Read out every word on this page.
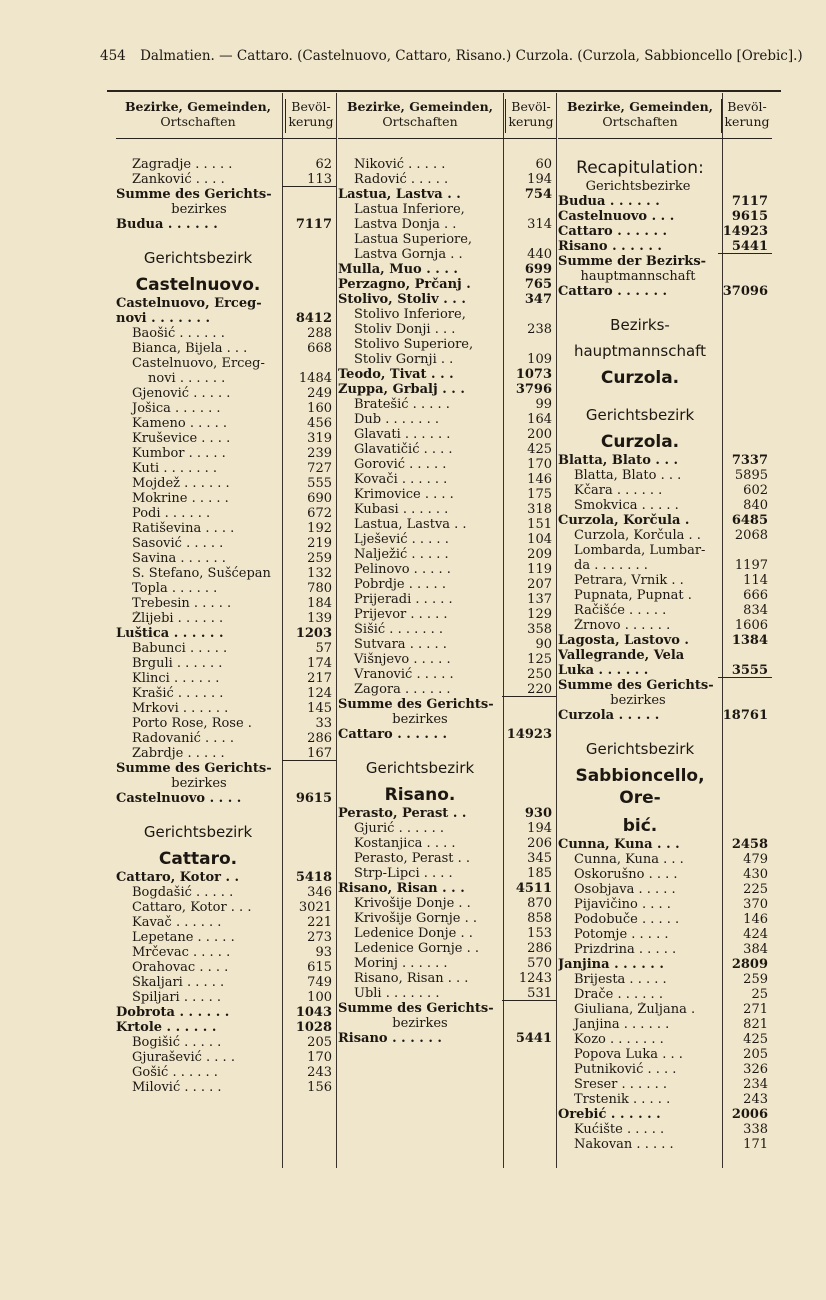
454 Dalmatien. — Cattaro. (Castelnuovo, Cattaro, Risano.) Curzola. (Curzola, Sabbioncello [Orebic].)
Bezirke, Gemeinden,
Ortschaften
Bevöl-
kerung
Zagradje . . . . .	62
Zanković . . . .	113
Summe des Gerichts-
bezirkes
Budua . . . . . .	7117
Gerichtsbezirk
Castelnuovo.
Castelnuovo, Erceg-
novi . . . . . . .	8412
Baošić . . . . . .	288
Bianca, Bijela . . .	668
Castelnuovo, Erceg-
novi . . . . . .	1484
Gjenović . . . . .	249
Jošica . . . . . .	160
Kameno . . . . .	456
Kruševice . . . .	319
Kumbor . . . . .	239
Kuti . . . . . . .	727
Mojdež . . . . . .	555
Mokrine . . . . .	690
Podi . . . . . .	672
Ratiševina . . . .	192
Sasović . . . . .	219
Savina . . . . . .	259
S. Stefano, Sušćepan	132
Topla . . . . . .	780
Trebesin . . . . .	184
Žlijebi . . . . . .	139
Luštica . . . . . .	1203
Babunci . . . . .	57
Brguli . . . . . .	174
Klinci . . . . . .	217
Krašić . . . . . .	124
Mrkovi . . . . . .	145
Porto Rose, Rose .	33
Radovanić . . . .	286
Zabrdje . . . . .	167
Summe des Gerichts-
bezirkes
Castelnuovo . . . .	9615
Gerichtsbezirk
Cattaro.
Cattaro, Kotor . .	5418
Bogdašić . . . . .	346
Cattaro, Kotor . . .	3021
Kavač . . . . . .	221
Lepetane . . . . .	273
Mrčevac . . . . .	93
Orahovac . . . .	615
Škaljari . . . . .	749
Špiljari . . . . .	100
Dobrota . . . . . .	1043
Krtole . . . . . .	1028
Bogišić . . . . .	205
Gjurašević . . . .	170
Gošić . . . . . .	243
Milović . . . . .	156
Bezirke, Gemeinden,
Ortschaften
Bevöl-
kerung
Niković . . . . .	60
Radović . . . . .	194
Lastua, Lastva . .	754
Lastua Inferiore,
Lastva Donja . .	314
Lastua Superiore,
Lastva Gornja . .	440
Mulla, Muo . . . .	699
Perzagno, Prčanj .	765
Stolivo, Stoliv . . .	347
Stolivo Inferiore,
Stoliv Donji . . .	238
Stolivo Superiore,
Stoliv Gornji . .	109
Teodo, Tivat . . .	1073
Zuppa, Grbalj . . .	3796
Bratešić . . . . .	99
Dub . . . . . . .	164
Glavati . . . . . .	200
Glavatičić . . . .	425
Gorović . . . . .	170
Kovači . . . . . .	146
Krimovice . . . .	175
Kubasi . . . . . .	318
Lastua, Lastva . .	151
Lješević . . . . .	104
Nalježić . . . . .	209
Pelinovo . . . . .	119
Pobrdje . . . . .	207
Prijeradi . . . . .	137
Prijevor . . . . .	129
Šišić . . . . . . .	358
Sutvara . . . . .	90
Višnjevo . . . . .	125
Vranović . . . . .	250
Zagora . . . . . .	220
Summe des Gerichts-
bezirkes
Cattaro . . . . . .	14923
Gerichtsbezirk
Risano.
Perasto, Perast . .	930
Gjurić . . . . . .	194
Kostanjica . . . .	206
Perasto, Perast . .	345
Strp-Lipci . . . .	185
Risano, Risan . . .	4511
Krivošije Donje . .	870
Krivošije Gornje . .	858
Ledenice Donje . .	153
Ledenice Gornje . .	286
Morinj . . . . . .	570
Risano, Risan . . .	1243
Ubli . . . . . . .	531
Summe des Gerichts-
bezirkes
Risano . . . . . .	5441
Bezirke, Gemeinden,
Ortschaften
Bevöl-
kerung
Recapitulation:
Gerichtsbezirke
Budua . . . . . .	7117
Castelnuovo . . .	9615
Cattaro . . . . . .	14923
Risano . . . . . .	5441
Summe der Bezirks-
hauptmannschaft
Cattaro . . . . . .	37096
Bezirks-
hauptmannschaft
Curzola.
Gerichtsbezirk
Curzola.
Blatta, Blato . . .	7337
Blatta, Blato . . .	5895
Kčara . . . . . .	602
Smokvica . . . . .	840
Curzola, Korčula .	6485
Curzola, Korčula . .	2068
Lombarda, Lumbar-
da . . . . . . .	1197
Petrara, Vrnik . .	114
Pupnata, Pupnat .	666
Račišće . . . . .	834
Žrnovo . . . . . .	1606
Lagosta, Lastovo .	1384
Vallegrande, Vela
Luka . . . . . .	3555
Summe des Gerichts-
bezirkes
Curzola . . . . .	18761
Gerichtsbezirk
Sabbioncello, Ore-
bić.
Cunna, Kuna . . .	2458
Cunna, Kuna . . .	479
Oskorušno . . . .	430
Osobjava . . . . .	225
Pijavičino . . . .	370
Podobuče . . . . .	146
Potomje . . . . .	424
Prizdrina . . . . .	384
Janjina . . . . . .	2809
Brijesta . . . . .	259
Drače . . . . . .	25
Giuliana, Žuljana .	271
Janjina . . . . . .	821
Kozo . . . . . . .	425
Popova Luka . . .	205
Putniković . . . .	326
Sreser . . . . . .	234
Trstenik . . . . .	243
Orebić . . . . . .	2006
Kućište . . . . .	338
Nakovan . . . . .	171
